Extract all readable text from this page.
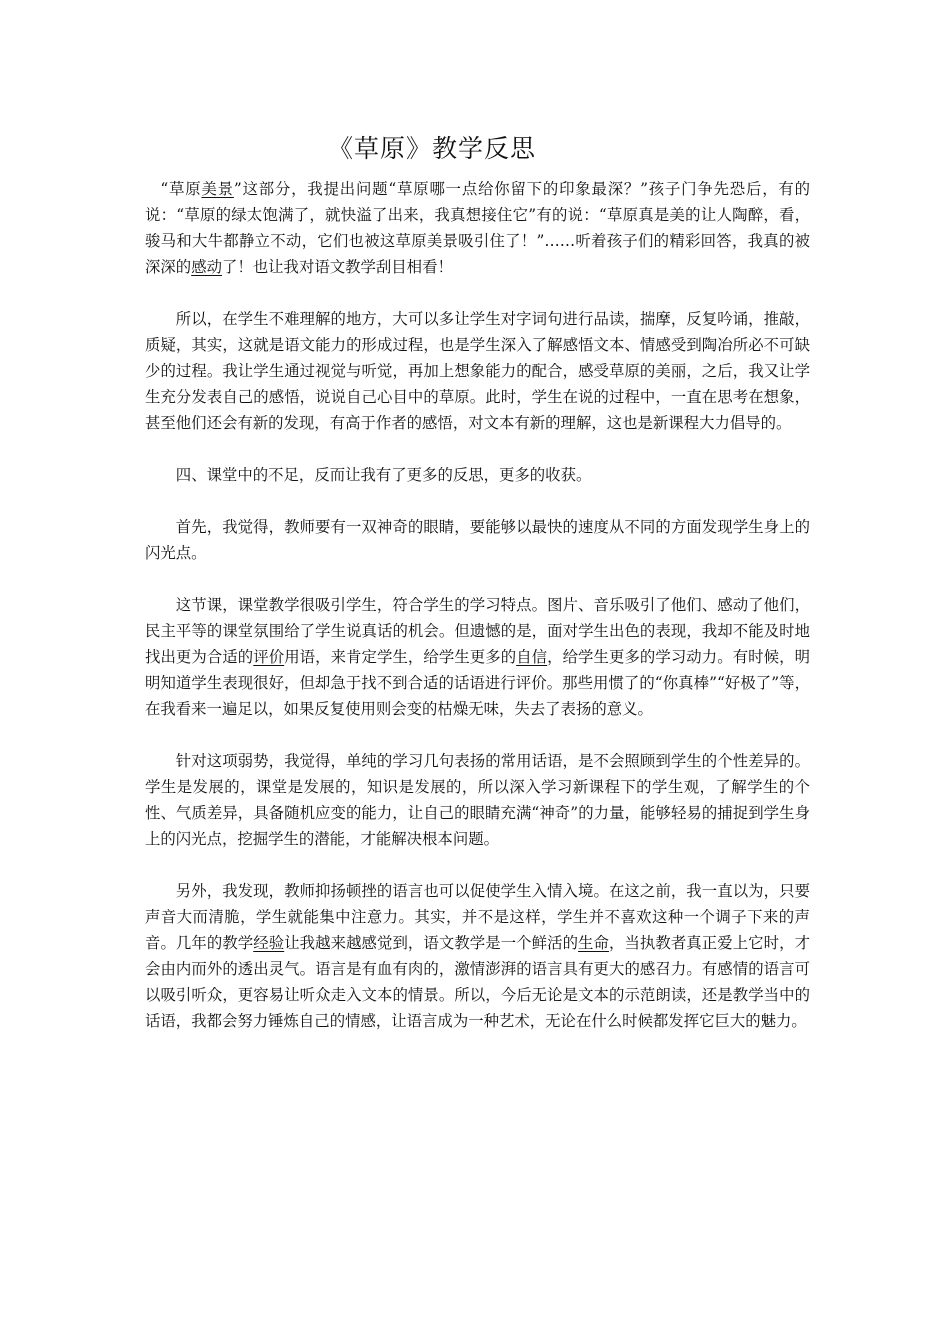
《草原》教学反思

“草原美景”这部分，我提出问题“草原哪一点给你留下的印象最深？”孩子门争先恐后，有的说：“草原的绿太饱满了，就快溢了出来，我真想接住它”有的说：“草原真是美的让人陶醉，看，骏马和大牛都静立不动，它们也被这草原美景吸引住了！”……听着孩子们的精彩回答，我真的被深深的感动了！也让我对语文教学刮目相看！

所以，在学生不难理解的地方，大可以多让学生对字词句进行品读，揣摩，反复吟诵，推敲，质疑，其实，这就是语文能力的形成过程，也是学生深入了解感悟文本、情感受到陶冶所必不可缺少的过程。我让学生通过视觉与听觉，再加上想象能力的配合，感受草原的美丽，之后，我又让学生充分发表自己的感悟，说说自己心目中的草原。此时，学生在说的过程中，一直在思考在想象，甚至他们还会有新的发现，有高于作者的感悟，对文本有新的理解，这也是新课程大力倡导的。

四、课堂中的不足，反而让我有了更多的反思，更多的收获。

首先，我觉得，教师要有一双神奇的眼睛，要能够以最快的速度从不同的方面发现学生身上的闪光点。

这节课，课堂教学很吸引学生，符合学生的学习特点。图片、音乐吸引了他们、感动了他们，民主平等的课堂氛围给了学生说真话的机会。但遗憾的是，面对学生出色的表现，我却不能及时地找出更为合适的评价用语，来肯定学生，给学生更多的自信，给学生更多的学习动力。有时候，明明知道学生表现很好，但却急于找不到合适的话语进行评价。那些用惯了的“你真棒”“好极了”等，在我看来一遍足以，如果反复使用则会变的枯燥无味，失去了表扬的意义。

针对这项弱势，我觉得，单纯的学习几句表扬的常用话语，是不会照顾到学生的个性差异的。学生是发展的，课堂是发展的，知识是发展的，所以深入学习新课程下的学生观，了解学生的个性、气质差异，具备随机应变的能力，让自己的眼睛充满“神奇”的力量，能够轻易的捕捉到学生身上的闪光点，挖掘学生的潜能，才能解决根本问题。

另外，我发现，教师抑扬顿挫的语言也可以促使学生入情入境。在这之前，我一直以为，只要声音大而清脆，学生就能集中注意力。其实，并不是这样，学生并不喜欢这种一个调子下来的声音。几年的教学经验让我越来越感觉到，语文教学是一个鲜活的生命，当执教者真正爱上它时，才会由内而外的透出灵气。语言是有血有肉的，激情澎湃的语言具有更大的感召力。有感情的语言可以吸引听众，更容易让听众走入文本的情景。所以，今后无论是文本的示范朗读，还是教学当中的话语，我都会努力锤炼自己的情感，让语言成为一种艺术，无论在什么时候都发挥它巨大的魅力。
